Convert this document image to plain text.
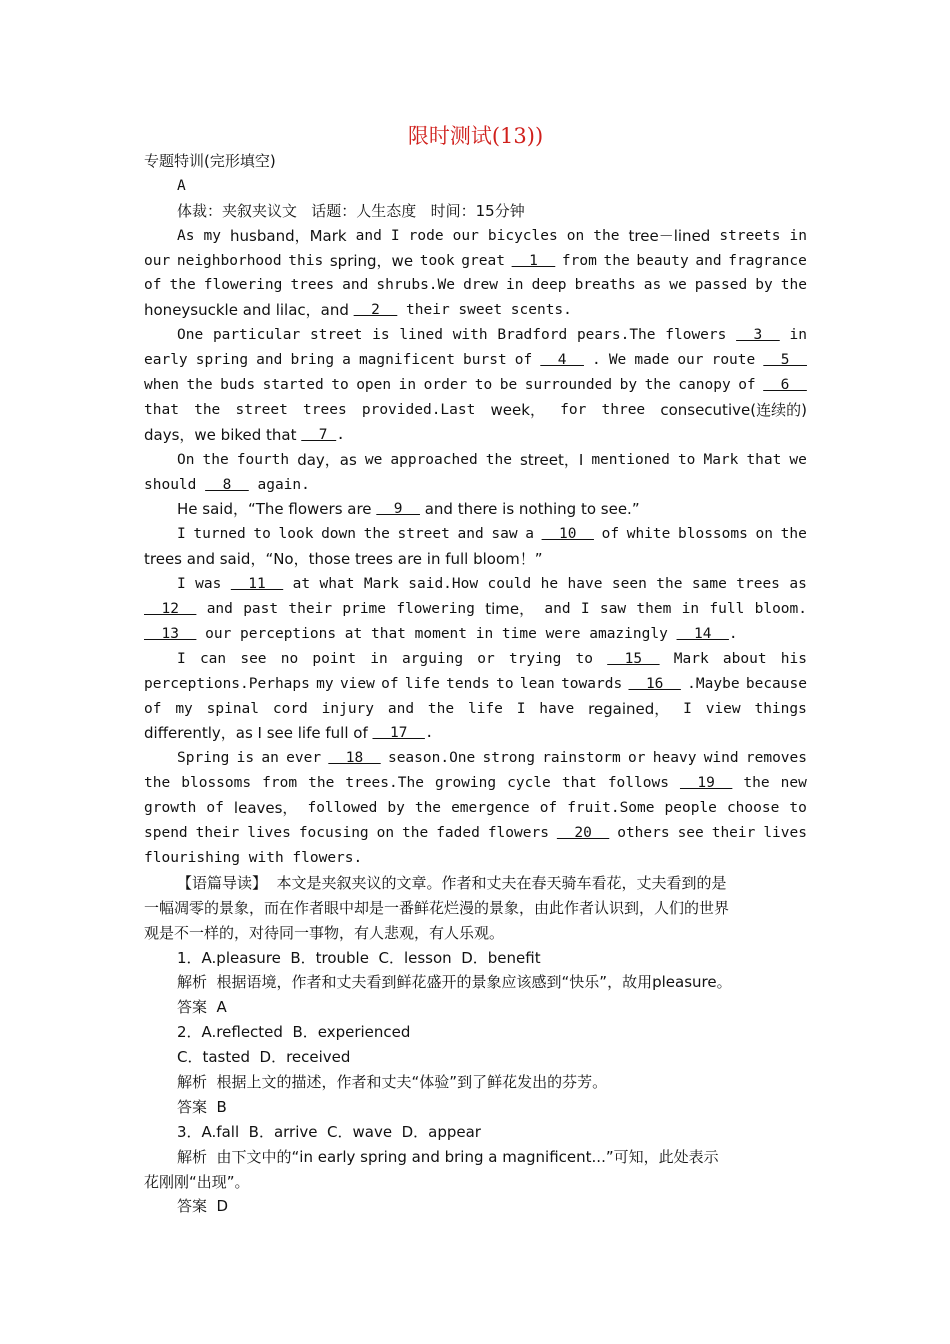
限时测试(13))
专题特训(完形填空)
A
体裁：夹叙夹议文   话题：人生态度   时间：15分钟
As my husband，Mark and I rode our bicycles on the tree－lined streets in
our neighborhood this spring，we took great 1 from the beauty and fragrance
of the flowering trees and shrubs.We drew in deep breaths as we passed by the
honeysuckle and lilac，and 2 their sweet scents.
One particular street is lined with Bradford pears.The flowers 3 in
early spring and bring a magnificent burst of 4 . We made our route 5
when the buds started to open in order to be surrounded by the canopy of 6
that the street trees provided.Last week， for three consecutive(连续的)
days，we biked that 7 .
On the fourth day，as we approached the street，I mentioned to Mark that we
should 8 again.
He said，“The flowers are 9 and there is nothing to see.”
I turned to look down the street and saw a 10 of white blossoms on the
trees and said，“No，those trees are in full bloom！”
I was 11 at what Mark said.How could he have seen the same trees as
12 and past their prime flowering time， and I saw them in full bloom.
13 our perceptions at that moment in time were amazingly 14 .
I can see no point in arguing or trying to 15 Mark about his
perceptions.Perhaps my view of life tends to lean towards 16 .Maybe because
of my spinal cord injury and the life I have regained， I view things
differently，as I see life full of 17 .
Spring is an ever 18 season.One strong rainstorm or heavy wind removes
the blossoms from the trees.The growing cycle that follows 19 the new
growth of leaves， followed by the emergence of fruit.Some people choose to
spend their lives focusing on the faded flowers 20 others see their lives
flourishing with flowers.
【语篇导读】  本文是夹叙夹议的文章。作者和丈夫在春天骑车看花，丈夫看到的是
一幅凋零的景象，而在作者眼中却是一番鲜花烂漫的景象，由此作者认识到，人们的世界
观是不一样的，对待同一事物，有人悲观，有人乐观。
1．A.pleasure  B．trouble  C．lesson  D．benefit
解析  根据语境，作者和丈夫看到鲜花盛开的景象应该感到“快乐”，故用pleasure。
答案  A
2．A.reflected  B．experienced
C．tasted  D．received
解析  根据上文的描述，作者和丈夫“体验”到了鲜花发出的芬芳。
答案  B
3．A.fall  B．arrive  C．wave  D．appear
解析  由下文中的“in early spring and bring a magnificent...”可知，此处表示
花刚刚“出现”。
答案  D
